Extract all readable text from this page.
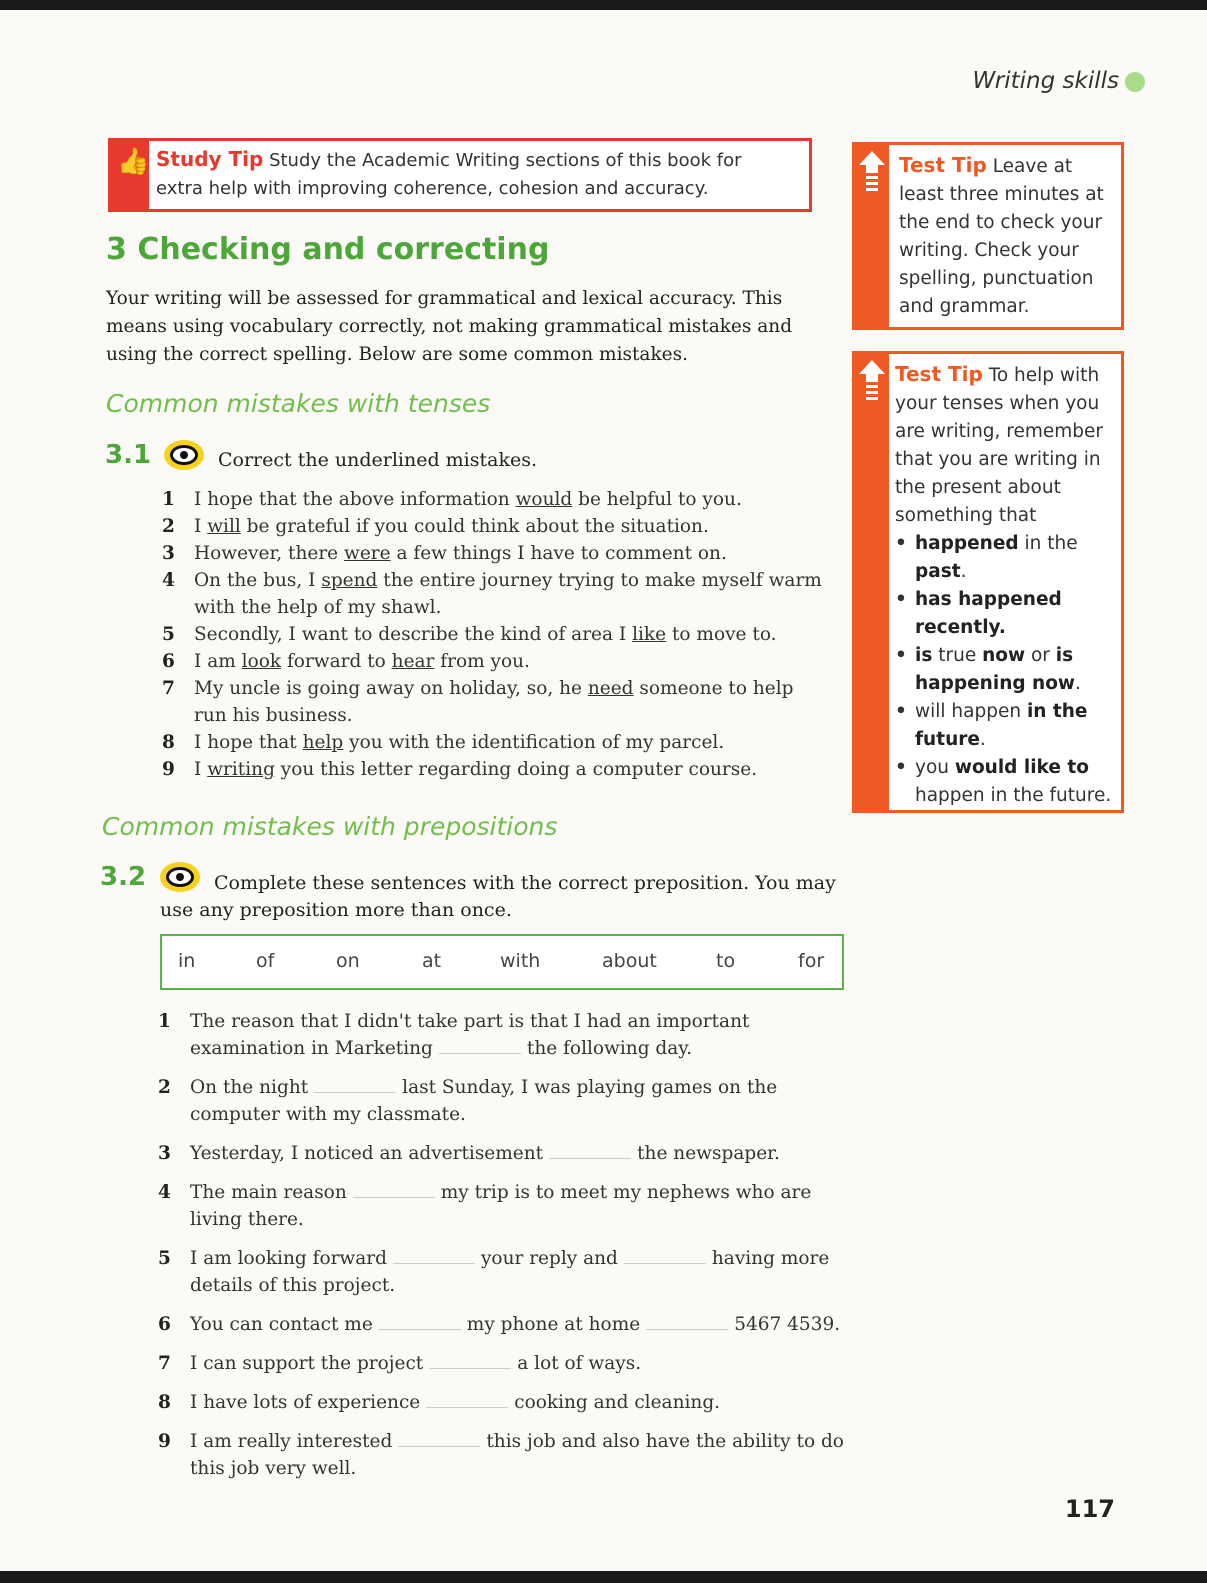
Writing skills
👍 Study Tip Study the Academic Writing sections of this book for extra help with improving coherence, cohesion and accuracy.
3 Checking and correcting
Your writing will be assessed for grammatical and lexical accuracy. This means using vocabulary correctly, not making grammatical mistakes and using the correct spelling. Below are some common mistakes.
Common mistakes with tenses
3.1	Correct the underlined mistakes.
1 I hope that the above information would be helpful to you.
2 I will be grateful if you could think about the situation.
3 However, there were a few things I have to comment on.
4 On the bus, I spend the entire journey trying to make myself warm with the help of my shawl.
5 Secondly, I want to describe the kind of area I like to move to.
6 I am look forward to hear from you.
7 My uncle is going away on holiday, so, he need someone to help run his business.
8 I hope that help you with the identification of my parcel.
9 I writing you this letter regarding doing a computer course.
Common mistakes with prepositions
3.2	Complete these sentences with the correct preposition. You may use any preposition more than once.
in	of	on	at	with	about	to	for
1 The reason that I didn't take part is that I had an important examination in Marketing	the following day.
2 On the night	last Sunday, I was playing games on the computer with my classmate.
3 Yesterday, I noticed an advertisement	the newspaper.
4 The main reason	my trip is to meet my nephews who are living there.
5 I am looking forward	your reply and	having more details of this project.
6 You can contact me	my phone at home	5467 4539.
7 I can support the project	a lot of ways.
8 I have lots of experience	cooking and cleaning.
9 I am really interested	this job and also have the ability to do this job very well.
Test Tip Leave at least three minutes at the end to check your writing. Check your spelling, punctuation and grammar.
Test Tip To help with your tenses when you are writing, remember that you are writing in the present about something that
• happened in the past.
• has happened recently.
• is true now or is happening now.
• will happen in the future.
• you would like to happen in the future.
117
